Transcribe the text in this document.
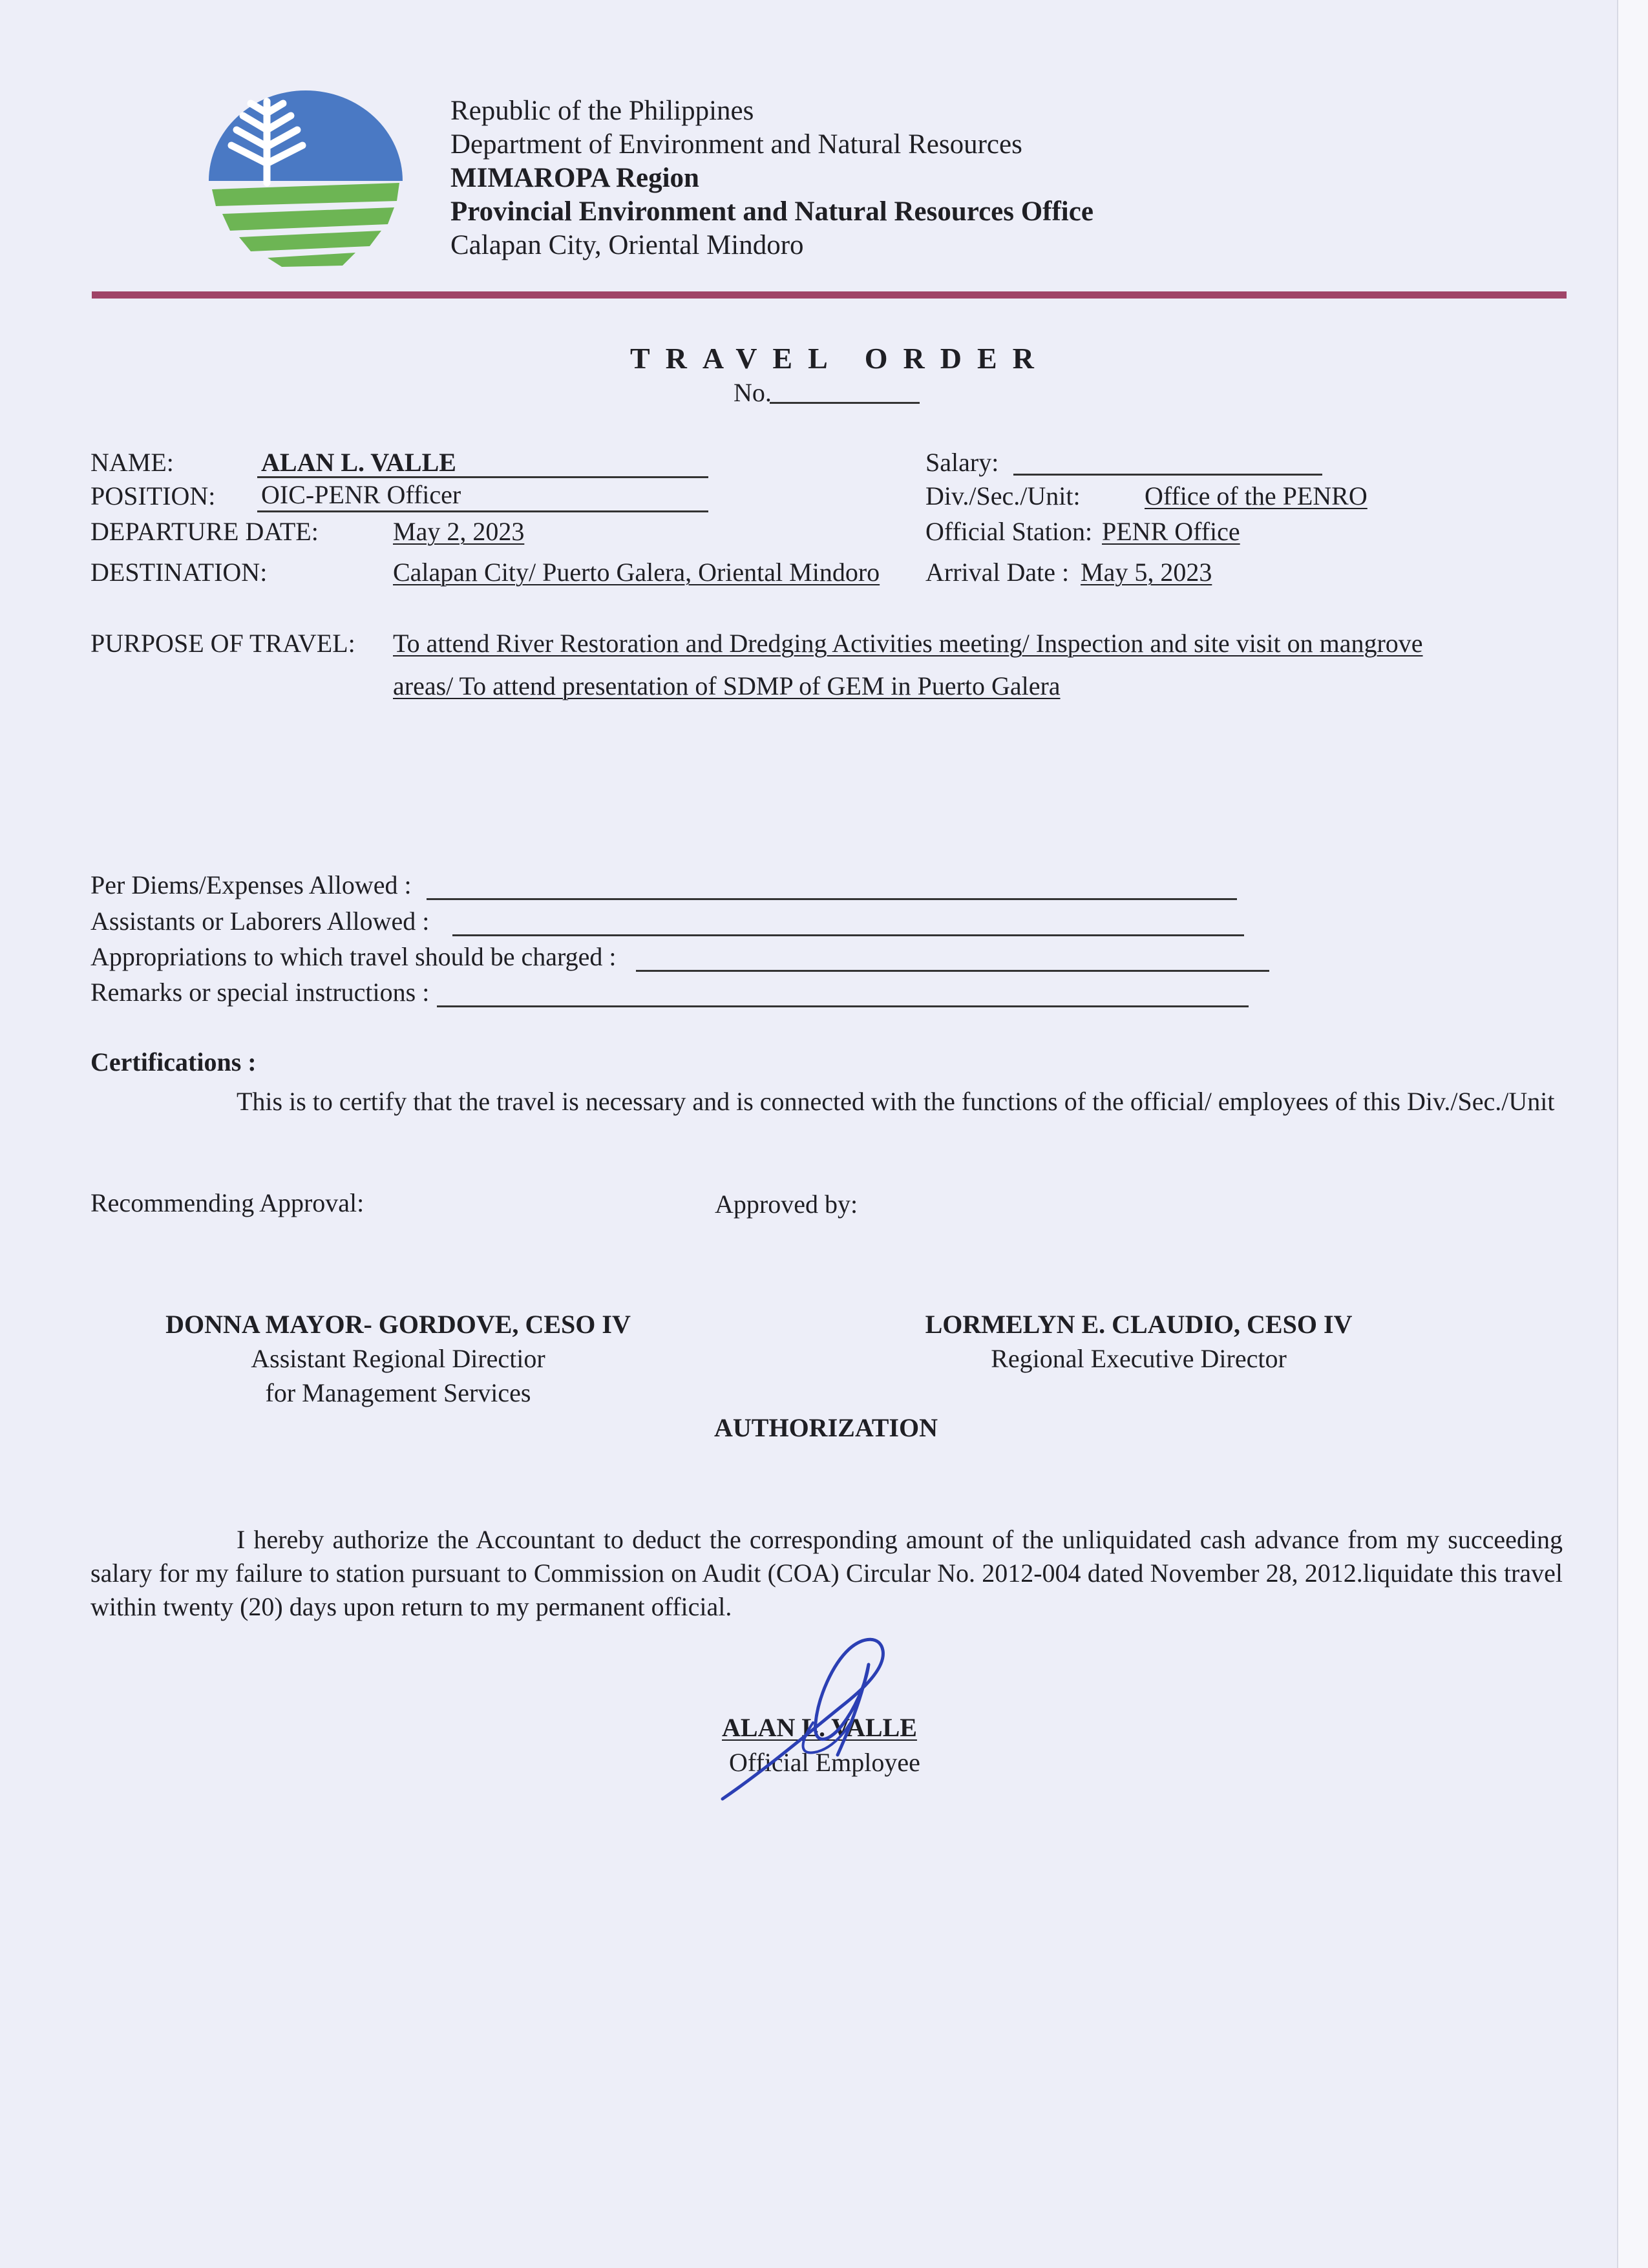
Republic of the Philippines
Department of Environment and Natural Resources
MIMAROPA Region
Provincial Environment and Natural Resources Office
Calapan City, Oriental Mindoro
TRAVEL ORDER
No.
NAME:	ALAN L. VALLE
POSITION: OIC-PENR Officer
DEPARTURE DATE:	May 2, 2023
DESTINATION:	Calapan City/ Puerto Galera, Oriental Mindoro
Salary:
Div./Sec./Unit: Office of the PENRO
Official Station: PENR Office
Arrival Date : May 5, 2023
PURPOSE OF TRAVEL: To attend River Restoration and Dredging Activities meeting/ Inspection and site visit on mangrove
areas/ To attend presentation of SDMP of GEM in Puerto Galera
Per Diems/Expenses Allowed :
Assistants or Laborers Allowed :
Appropriations to which travel should be charged :
Remarks or special instructions :
Certifications :
This is to certify that the travel is necessary and is connected with the functions of the official/ employees of this Div./Sec./Unit
Recommending Approval:	Approved by:
DONNA MAYOR- GORDOVE, CESO IV
Assistant Regional Directior
for Management Services
LORMELYN E. CLAUDIO, CESO IV
Regional Executive Director
AUTHORIZATION
I hereby authorize the Accountant to deduct the corresponding amount of the unliquidated cash advance from my succeeding salary for my failure to station pursuant to Commission on Audit (COA) Circular No. 2012-004 dated November 28, 2012.liquidate this travel within twenty (20) days upon return to my permanent official.
ALAN L. VALLE
Official Employee
